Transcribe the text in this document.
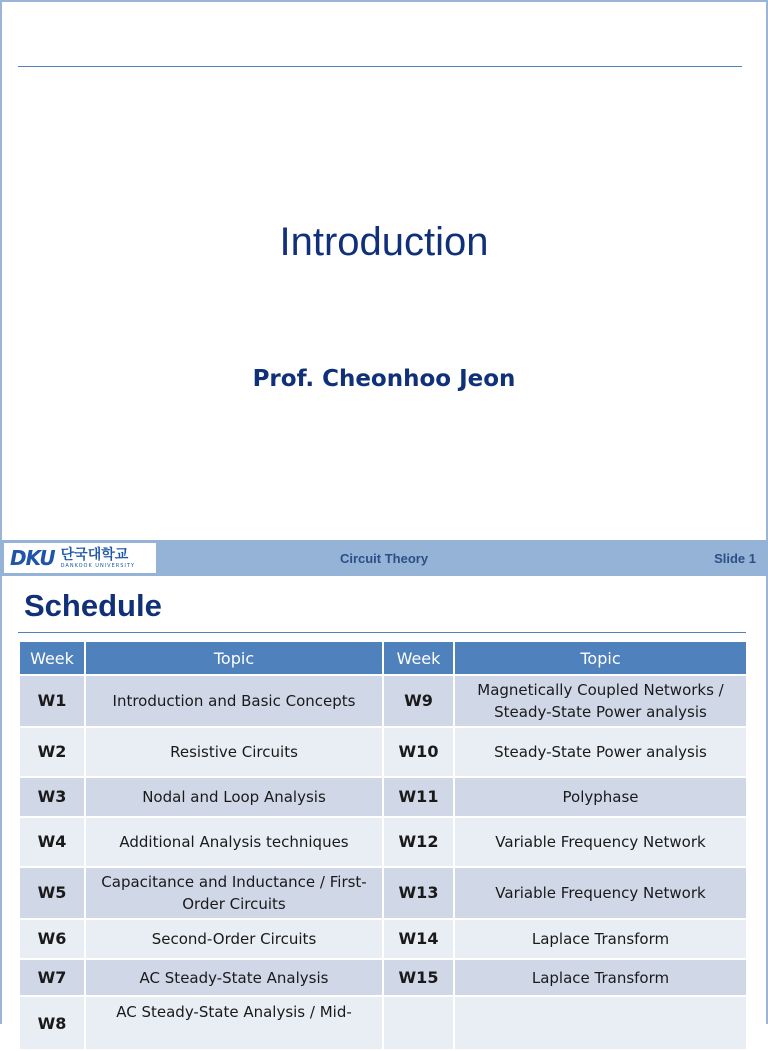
Introduction
Prof. Cheonhoo Jeon
DKU 단국대학교
DANKOOK UNIVERSITY	Circuit Theory	Slide 1
Schedule
Week	Topic	Week	Topic
W1	Introduction and Basic Concepts	W9	Magnetically Coupled Networks / Steady-State Power analysis
W2	Resistive Circuits	W10	Steady-State Power analysis
W3	Nodal and Loop Analysis	W11	Polyphase
W4	Additional Analysis techniques	W12	Variable Frequency Network
W5	Capacitance and Inductance / First-Order Circuits	W13	Variable Frequency Network
W6	Second-Order Circuits	W14	Laplace Transform
W7	AC Steady-State Analysis	W15	Laplace Transform
W8	AC Steady-State Analysis / Mid-		
